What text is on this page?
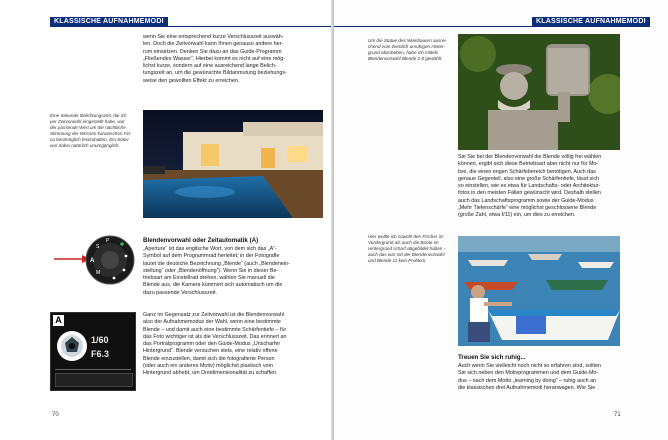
KLASSISCHE AUFNAHMEMODI
wenn Sie eine entsprechend kurze Verschlusszeit auswäh-
len. Doch die Zeitvorwahl kann Ihnen genauso andere her-
rum einsetzen. Denken Sie dazu an das Guide-Programm
„Fließendes Wasser“. Hierbei kommt es nicht auf eine mög-
lichst kurze, sondern auf eine ausreichend lange Belich-
tungszeit an, um die gewünschte Bildanmutung beziehungs-
weise den gewollten Effekt zu erreichen.
Eine Sekunde Belichtungszeit, die ich
per Zeitvorwahl eingestellt habe, war
der passende Wert um die nächtliche
Stimmung der Wessen kanarischen Fin-
ca bestmöglich festzuhalten. Ein Stativ
war dabei natürlich unumgänglich.
A
S
P
M
Blendenvorwahl oder Zeitautomatik (A)
„Aperture“ ist das englische Wort, von dem sich das „A“-
Symbol auf dem Programmrad herleitet; in der Fotografie
lautet die deutsche Bezeichnung „Blende“ (auch „Blendenein-
stellung“ oder „Blendenöffnung“). Wenn Sie in dieser Be-
triebsart am Einstellrad drehen, wählen Sie manuell die
Blende aus, die Kamera kümmert sich automatisch um die
dazu passende Verschlusszeit.
Ganz im Gegensatz zur Zeitvorwahl ist die Blendenvorwahl
also der Aufnahmemodus der Wahl, wenn eine bestimmte
Blende – und damit auch eine bestimmte Schärfentiefe – für
das Foto wichtiger ist als die Verschlusszeit. Das erinnert an
das Porträtprogramm oder den Guide-Modus „Unscharfer
Hintergrund“. Blende versuchen stets, eine relativ offene
Blende einzustellen, damit sich die fotografierte Person
(oder auch ein anderes Motiv) möglichst plastisch vom
Hintergrund abhebt, um Dreidimensionalität zu schaffen.
A
1/60
F6.3
70
KLASSISCHE AUFNAHMEMODI
Um die Statue des Weinbauern ausrei-
chend vom ziemlich unruhigen Hinter-
grund abzuheben, habe ich mittels
Blendenvorwahl Blende 2.8 gewählt.
Sie Sie bei der Blendenvorwahl die Blende völlig frei wählen
können, ergibt sich diese Betriebsart aber nicht nur für Mo-
tive, die einen engen Schärfebereich benötigen. Auch das
genaue Gegenteil, also eine große Schärfentiefe, lässt sich
so einstellen, wie es etwa für Landschafts- oder Architektur-
fotos in den meisten Fällen gewünscht wird. Deshalb stellen
auch das Landschaftsprogramm sowie der Guide-Modus
„Mehr Tiefenschärfe“ eine möglichst geschlossene Blende
(große Zahl, etwa f/11) ein, um dies zu erreichen.
Hier wollte ich sowohl den Fischer im
Vordergrund als auch die Boote im
Hintergrund scharf abgebildet haben –
auch das war mit der Blendenvorwahl
und Blende 11 kein Problem.
Treuen Sie sich ruhig...
Auch wenn Sie vielleicht noch nicht so erfahren sind, sollten
Sie sich neben den Motivprogrammen und dem Guide-Mo-
dus – nach dem Motto „learning by doing“ – ruhig auch an
die klassischen drei Aufnahmemodi heranwagen. Wie Sie
71
